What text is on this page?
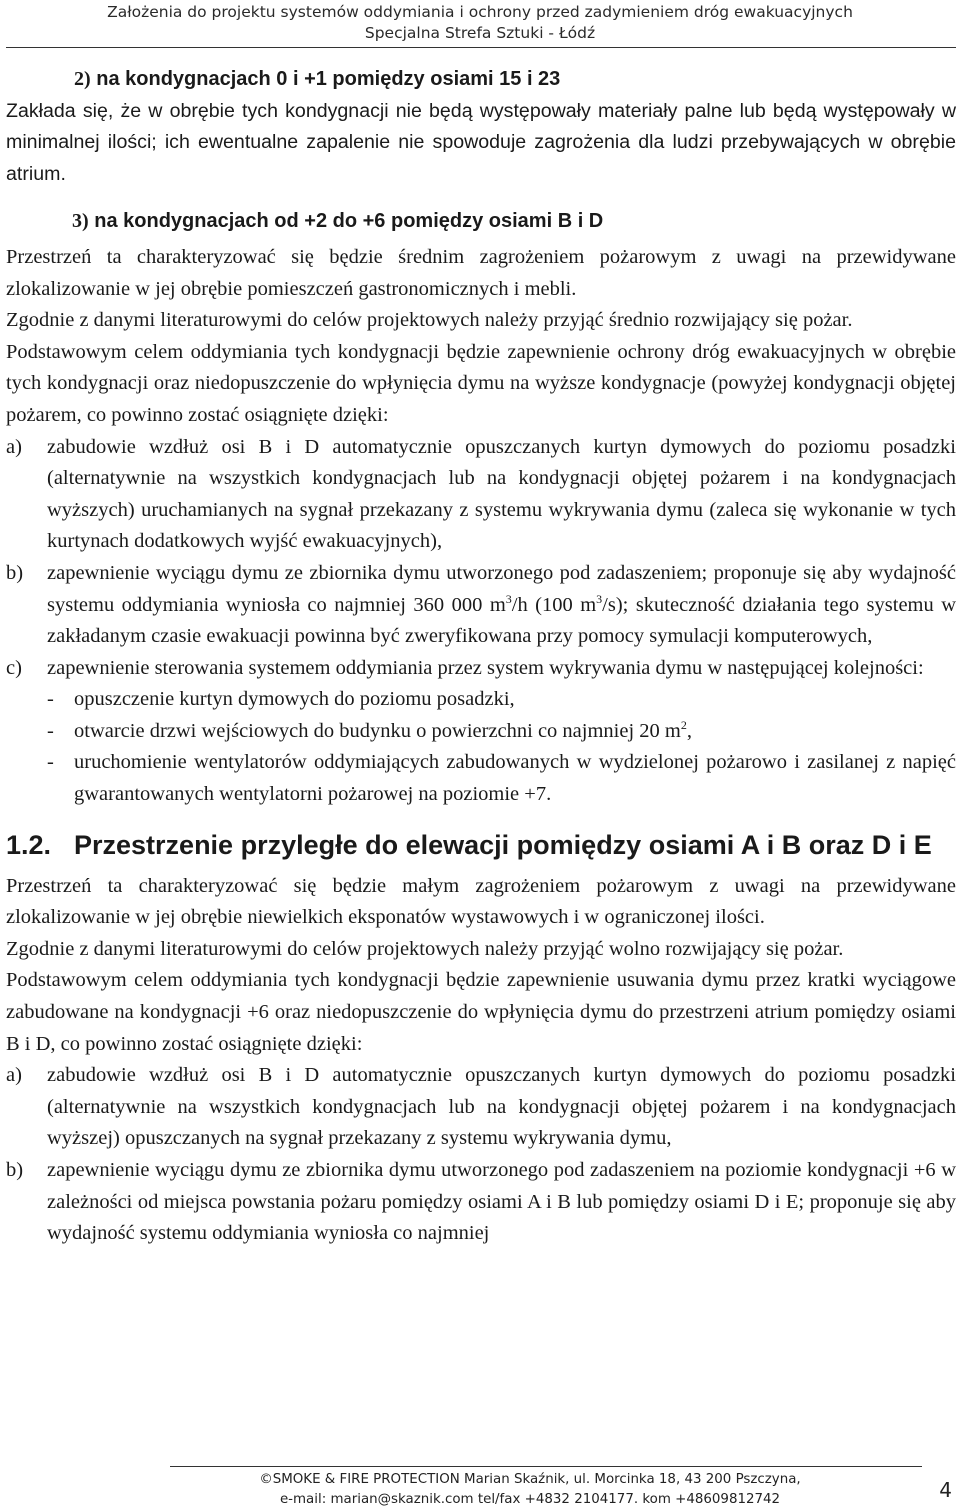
Założenia do projektu systemów oddymiania i ochrony przed zadymieniem dróg ewakuacyjnych
Specjalna Strefa Sztuki - Łódź

2) na kondygnacjach 0 i +1 pomiędzy osiami 15 i 23

Zakłada się, że w obrębie tych kondygnacji nie będą występowały materiały palne lub będą występowały w minimalnej ilości; ich ewentualne zapalenie nie spowoduje zagrożenia dla ludzi przebywających w obrębie atrium.

3) na kondygnacjach od +2 do +6 pomiędzy osiami B i D

Przestrzeń ta charakteryzować się będzie średnim zagrożeniem pożarowym z uwagi na przewidywane zlokalizowanie w jej obrębie pomieszczeń gastronomicznych i mebli.

Zgodnie z danymi literaturowymi do celów projektowych należy przyjąć średnio rozwijający się pożar.

Podstawowym celem oddymiania tych kondygnacji będzie zapewnienie ochrony dróg ewakuacyjnych w obrębie tych kondygnacji oraz niedopuszczenie do wpłynięcia dymu na wyższe kondygnacje (powyżej kondygnacji objętej pożarem, co powinno zostać osiągnięte dzięki:

a) zabudowie wzdłuż osi B i D automatycznie opuszczanych kurtyn dymowych do poziomu posadzki (alternatywnie na wszystkich kondygnacjach lub na kondygnacji objętej pożarem i na kondygnacjach wyższych) uruchamianych na sygnał przekazany z systemu wykrywania dymu (zaleca się wykonanie w tych kurtynach dodatkowych wyjść ewakuacyjnych),
b) zapewnienie wyciągu dymu ze zbiornika dymu utworzonego pod zadaszeniem; proponuje się aby wydajność systemu oddymiania wyniosła co najmniej 360 000 $m^3/h$ (100 $m^3/s$); skuteczność działania tego systemu w zakładanym czasie ewakuacji powinna być zweryfikowana przy pomocy symulacji komputerowych,
c) zapewnienie sterowania systemem oddymiania przez system wykrywania dymu w następującej kolejności:
- opuszczenie kurtyn dymowych do poziomu posadzki,
- otwarcie drzwi wejściowych do budynku o powierzchni co najmniej 20 $m^2$,
- uruchomienie wentylatorów oddymiających zabudowanych w wydzielonej pożarowo i zasilanej z napięć gwarantowanych wentylatorni pożarowej na poziomie +7.
1.2. Przestrzenie przyległe do elewacji pomiędzy osiami A i B oraz D i E

Przestrzeń ta charakteryzować się będzie małym zagrożeniem pożarowym z uwagi na przewidywane zlokalizowanie w jej obrębie niewielkich eksponatów wystawowych i w ograniczonej ilości.

Zgodnie z danymi literaturowymi do celów projektowych należy przyjąć wolno rozwijający się pożar.

Podstawowym celem oddymiania tych kondygnacji będzie zapewnienie usuwania dymu przez kratki wyciągowe zabudowane na kondygnacji +6 oraz niedopuszczenie do wpłynięcia dymu do przestrzeni atrium pomiędzy osiami B i D, co powinno zostać osiągnięte dzięki:

a) zabudowie wzdłuż osi B i D automatycznie opuszczanych kurtyn dymowych do poziomu posadzki (alternatywnie na wszystkich kondygnacjach lub na kondygnacji objętej pożarem i na kondygnacjach wyższej) opuszczanych na sygnał przekazany z systemu wykrywania dymu,
b) zapewnienie wyciągu dymu ze zbiornika dymu utworzonego pod zadaszeniem na poziomie kondygnacji +6 w zależności od miejsca powstania pożaru pomiędzy osiami A i B lub pomiędzy osiami D i E; proponuje się aby wydajność systemu oddymiania wyniosła co najmniej
©SMOKE & FIRE PROTECTION Marian Skaźnik, ul. Morcinka 18, 43 200 Pszczyna,
e-mail: marian@skaznik.com tel/fax +4832 2104177. kom +48609812742	4
